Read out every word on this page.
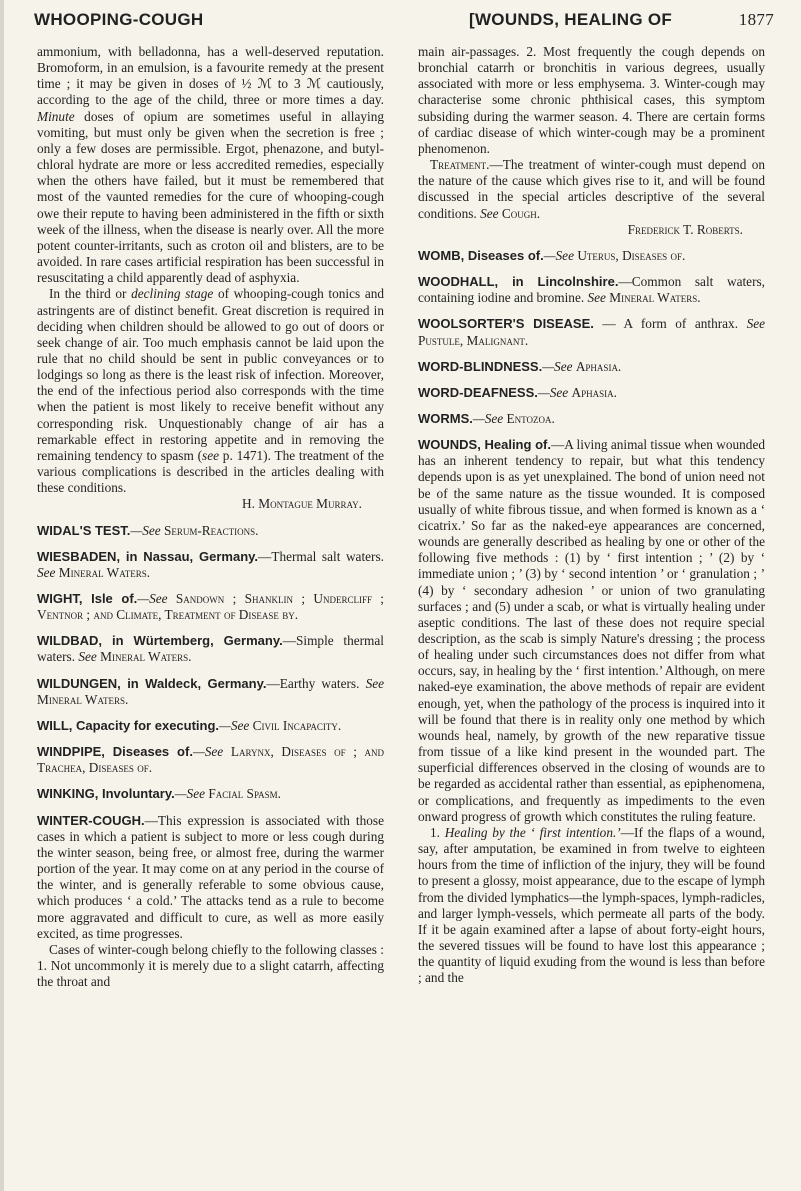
WHOOPING-COUGH	[WOUNDS, HEALING OF	1877

ammonium, with belladonna, has a well-deserved reputation. Bromoform, in an emulsion, is a favourite remedy at the present time ; it may be given in doses of ½ ℳ to 3 ℳ cautiously, according to the age of the child, three or more times a day. Minute doses of opium are sometimes useful in allaying vomiting, but must only be given when the secretion is free ; only a few doses are permissible. Ergot, phenazone, and butyl-chloral hydrate are more or less accredited remedies, especially when the others have failed, but it must be remembered that most of the vaunted remedies for the cure of whooping-cough owe their repute to having been administered in the fifth or sixth week of the illness, when the disease is nearly over. All the more potent counter-irritants, such as croton oil and blisters, are to be avoided. In rare cases artificial respiration has been successful in resuscitating a child apparently dead of asphyxia.

In the third or declining stage of whooping-cough tonics and astringents are of distinct benefit. Great discretion is required in deciding when children should be allowed to go out of doors or seek change of air. Too much emphasis cannot be laid upon the rule that no child should be sent in public conveyances or to lodgings so long as there is the least risk of infection. Moreover, the end of the infectious period also corresponds with the time when the patient is most likely to receive benefit without any corresponding risk. Unquestionably change of air has a remarkable effect in restoring appetite and in removing the remaining tendency to spasm (see p. 1471). The treatment of the various complications is described in the articles dealing with these conditions.

H. Montague Murray.

WIDAL'S TEST.—See Serum-Reactions.

WIESBADEN, in Nassau, Germany.—Thermal salt waters. See Mineral Waters.

WIGHT, Isle of.—See Sandown ; Shanklin ; Undercliff ; Ventnor ; and Climate, Treatment of Disease by.

WILDBAD, in Würtemberg, Germany.—Simple thermal waters. See Mineral Waters.

WILDUNGEN, in Waldeck, Germany.—Earthy waters. See Mineral Waters.

WILL, Capacity for executing.—See Civil Incapacity.

WINDPIPE, Diseases of.—See Larynx, Diseases of ; and Trachea, Diseases of.

WINKING, Involuntary.—See Facial Spasm.

WINTER-COUGH.—This expression is associated with those cases in which a patient is subject to more or less cough during the winter season, being free, or almost free, during the warmer portion of the year. It may come on at any period in the course of the winter, and is generally referable to some obvious cause, which produces ‘ a cold.’ The attacks tend as a rule to become more aggravated and difficult to cure, as well as more easily excited, as time progresses.

Cases of winter-cough belong chiefly to the following classes : 1. Not uncommonly it is merely due to a slight catarrh, affecting the throat and

main air-passages. 2. Most frequently the cough depends on bronchial catarrh or bronchitis in various degrees, usually associated with more or less emphysema. 3. Winter-cough may characterise some chronic phthisical cases, this symptom subsiding during the warmer season. 4. There are certain forms of cardiac disease of which winter-cough may be a prominent phenomenon.

Treatment.—The treatment of winter-cough must depend on the nature of the cause which gives rise to it, and will be found discussed in the special articles descriptive of the several conditions. See Cough.

Frederick T. Roberts.

WOMB, Diseases of.—See Uterus, Diseases of.

WOODHALL, in Lincolnshire.—Common salt waters, containing iodine and bromine. See Mineral Waters.

WOOLSORTER'S DISEASE. — A form of anthrax. See Pustule, Malignant.

WORD-BLINDNESS.—See Aphasia.

WORD-DEAFNESS.—See Aphasia.

WORMS.—See Entozoa.

WOUNDS, Healing of.—A living animal tissue when wounded has an inherent tendency to repair, but what this tendency depends upon is as yet unexplained. The bond of union need not be of the same nature as the tissue wounded. It is composed usually of white fibrous tissue, and when formed is known as a ‘ cicatrix.’ So far as the naked-eye appearances are concerned, wounds are generally described as healing by one or other of the following five methods : (1) by ‘ first intention ; ’ (2) by ‘ immediate union ; ’ (3) by ‘ second intention ’ or ‘ granulation ; ’ (4) by ‘ secondary adhesion ’ or union of two granulating surfaces ; and (5) under a scab, or what is virtually healing under aseptic conditions. The last of these does not require special description, as the scab is simply Nature's dressing ; the process of healing under such circumstances does not differ from what occurs, say, in healing by the ‘ first intention.’ Although, on mere naked-eye examination, the above methods of repair are evident enough, yet, when the pathology of the process is inquired into it will be found that there is in reality only one method by which wounds heal, namely, by growth of the new reparative tissue from tissue of a like kind present in the wounded part. The superficial differences observed in the closing of wounds are to be regarded as accidental rather than essential, as epiphenomena, or complications, and frequently as impediments to the even onward progress of growth which constitutes the ruling feature.

1. Healing by the ‘ first intention.’—If the flaps of a wound, say, after amputation, be examined in from twelve to eighteen hours from the time of infliction of the injury, they will be found to present a glossy, moist appearance, due to the escape of lymph from the divided lymphatics—the lymph-spaces, lymph-radicles, and larger lymph-vessels, which permeate all parts of the body. If it be again examined after a lapse of about forty-eight hours, the severed tissues will be found to have lost this appearance ; the quantity of liquid exuding from the wound is less than before ; and the
